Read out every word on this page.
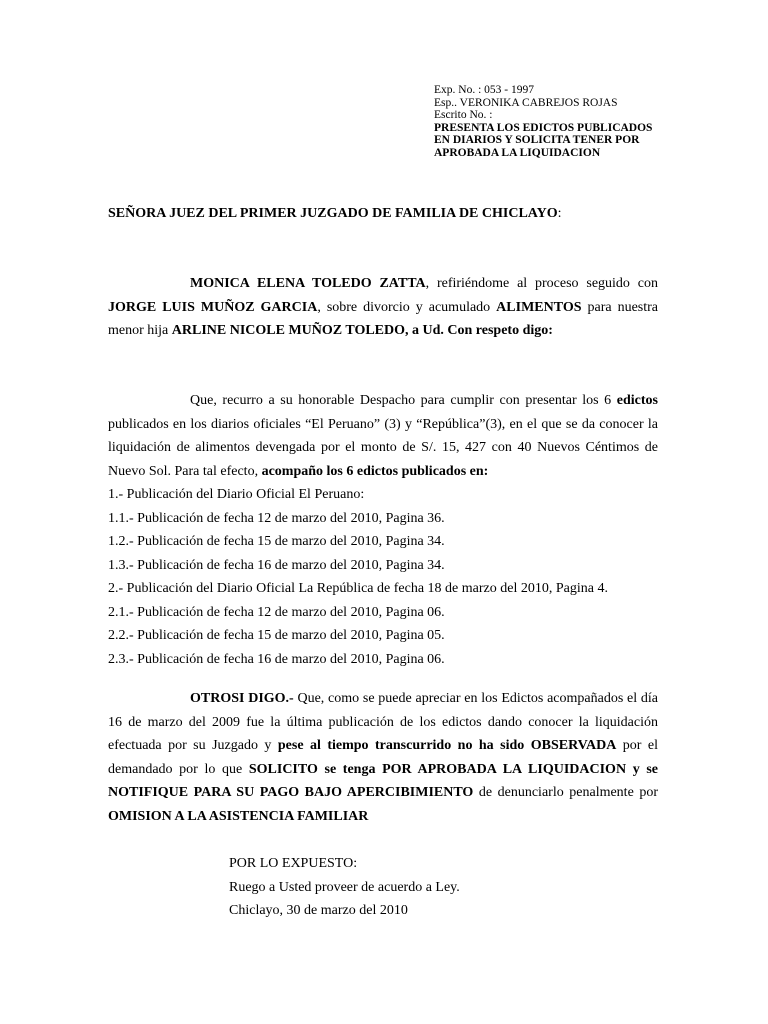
Exp. No. : 053 - 1997
Esp.. VERONIKA CABREJOS ROJAS
Escrito No. :
PRESENTA LOS EDICTOS PUBLICADOS
EN DIARIOS Y SOLICITA TENER POR
APROBADA LA LIQUIDACION
SEÑORA JUEZ DEL PRIMER JUZGADO DE FAMILIA DE CHICLAYO:

MONICA ELENA TOLEDO ZATTA, refiriéndome al proceso seguido con JORGE LUIS MUÑOZ GARCIA, sobre divorcio y acumulado ALIMENTOS para nuestra menor hija ARLINE NICOLE MUÑOZ TOLEDO, a Ud. Con respeto digo:

Que, recurro a su honorable Despacho para cumplir con presentar los 6 edictos publicados en los diarios oficiales “El Peruano” (3) y “República”(3), en el que se da conocer la liquidación de alimentos devengada por el monto de S/. 15, 427 con 40 Nuevos Céntimos de Nuevo Sol. Para tal efecto, acompaño los 6 edictos publicados en:

1.- Publicación del Diario Oficial El Peruano:
1.1.- Publicación de fecha 12 de marzo del 2010, Pagina 36.
1.2.- Publicación de fecha 15 de marzo del 2010, Pagina 34.
1.3.- Publicación de fecha 16 de marzo del 2010, Pagina 34.
2.- Publicación del Diario Oficial La República de fecha 18 de marzo del 2010, Pagina 4.
2.1.- Publicación de fecha 12 de marzo del 2010, Pagina 06.
2.2.- Publicación de fecha 15 de marzo del 2010, Pagina 05.
2.3.- Publicación de fecha 16 de marzo del 2010, Pagina 06.

OTROSI DIGO.- Que, como se puede apreciar en los Edictos acompañados el día 16 de marzo del 2009 fue la última publicación de los edictos dando conocer la liquidación efectuada por su Juzgado y pese al tiempo transcurrido no ha sido OBSERVADA por el demandado por lo que SOLICITO se tenga POR APROBADA LA LIQUIDACION y se NOTIFIQUE PARA SU PAGO BAJO APERCIBIMIENTO de denunciarlo penalmente por OMISION A LA ASISTENCIA FAMILIAR

POR LO EXPUESTO:
Ruego a Usted proveer de acuerdo a Ley.
Chiclayo, 30 de marzo del 2010
